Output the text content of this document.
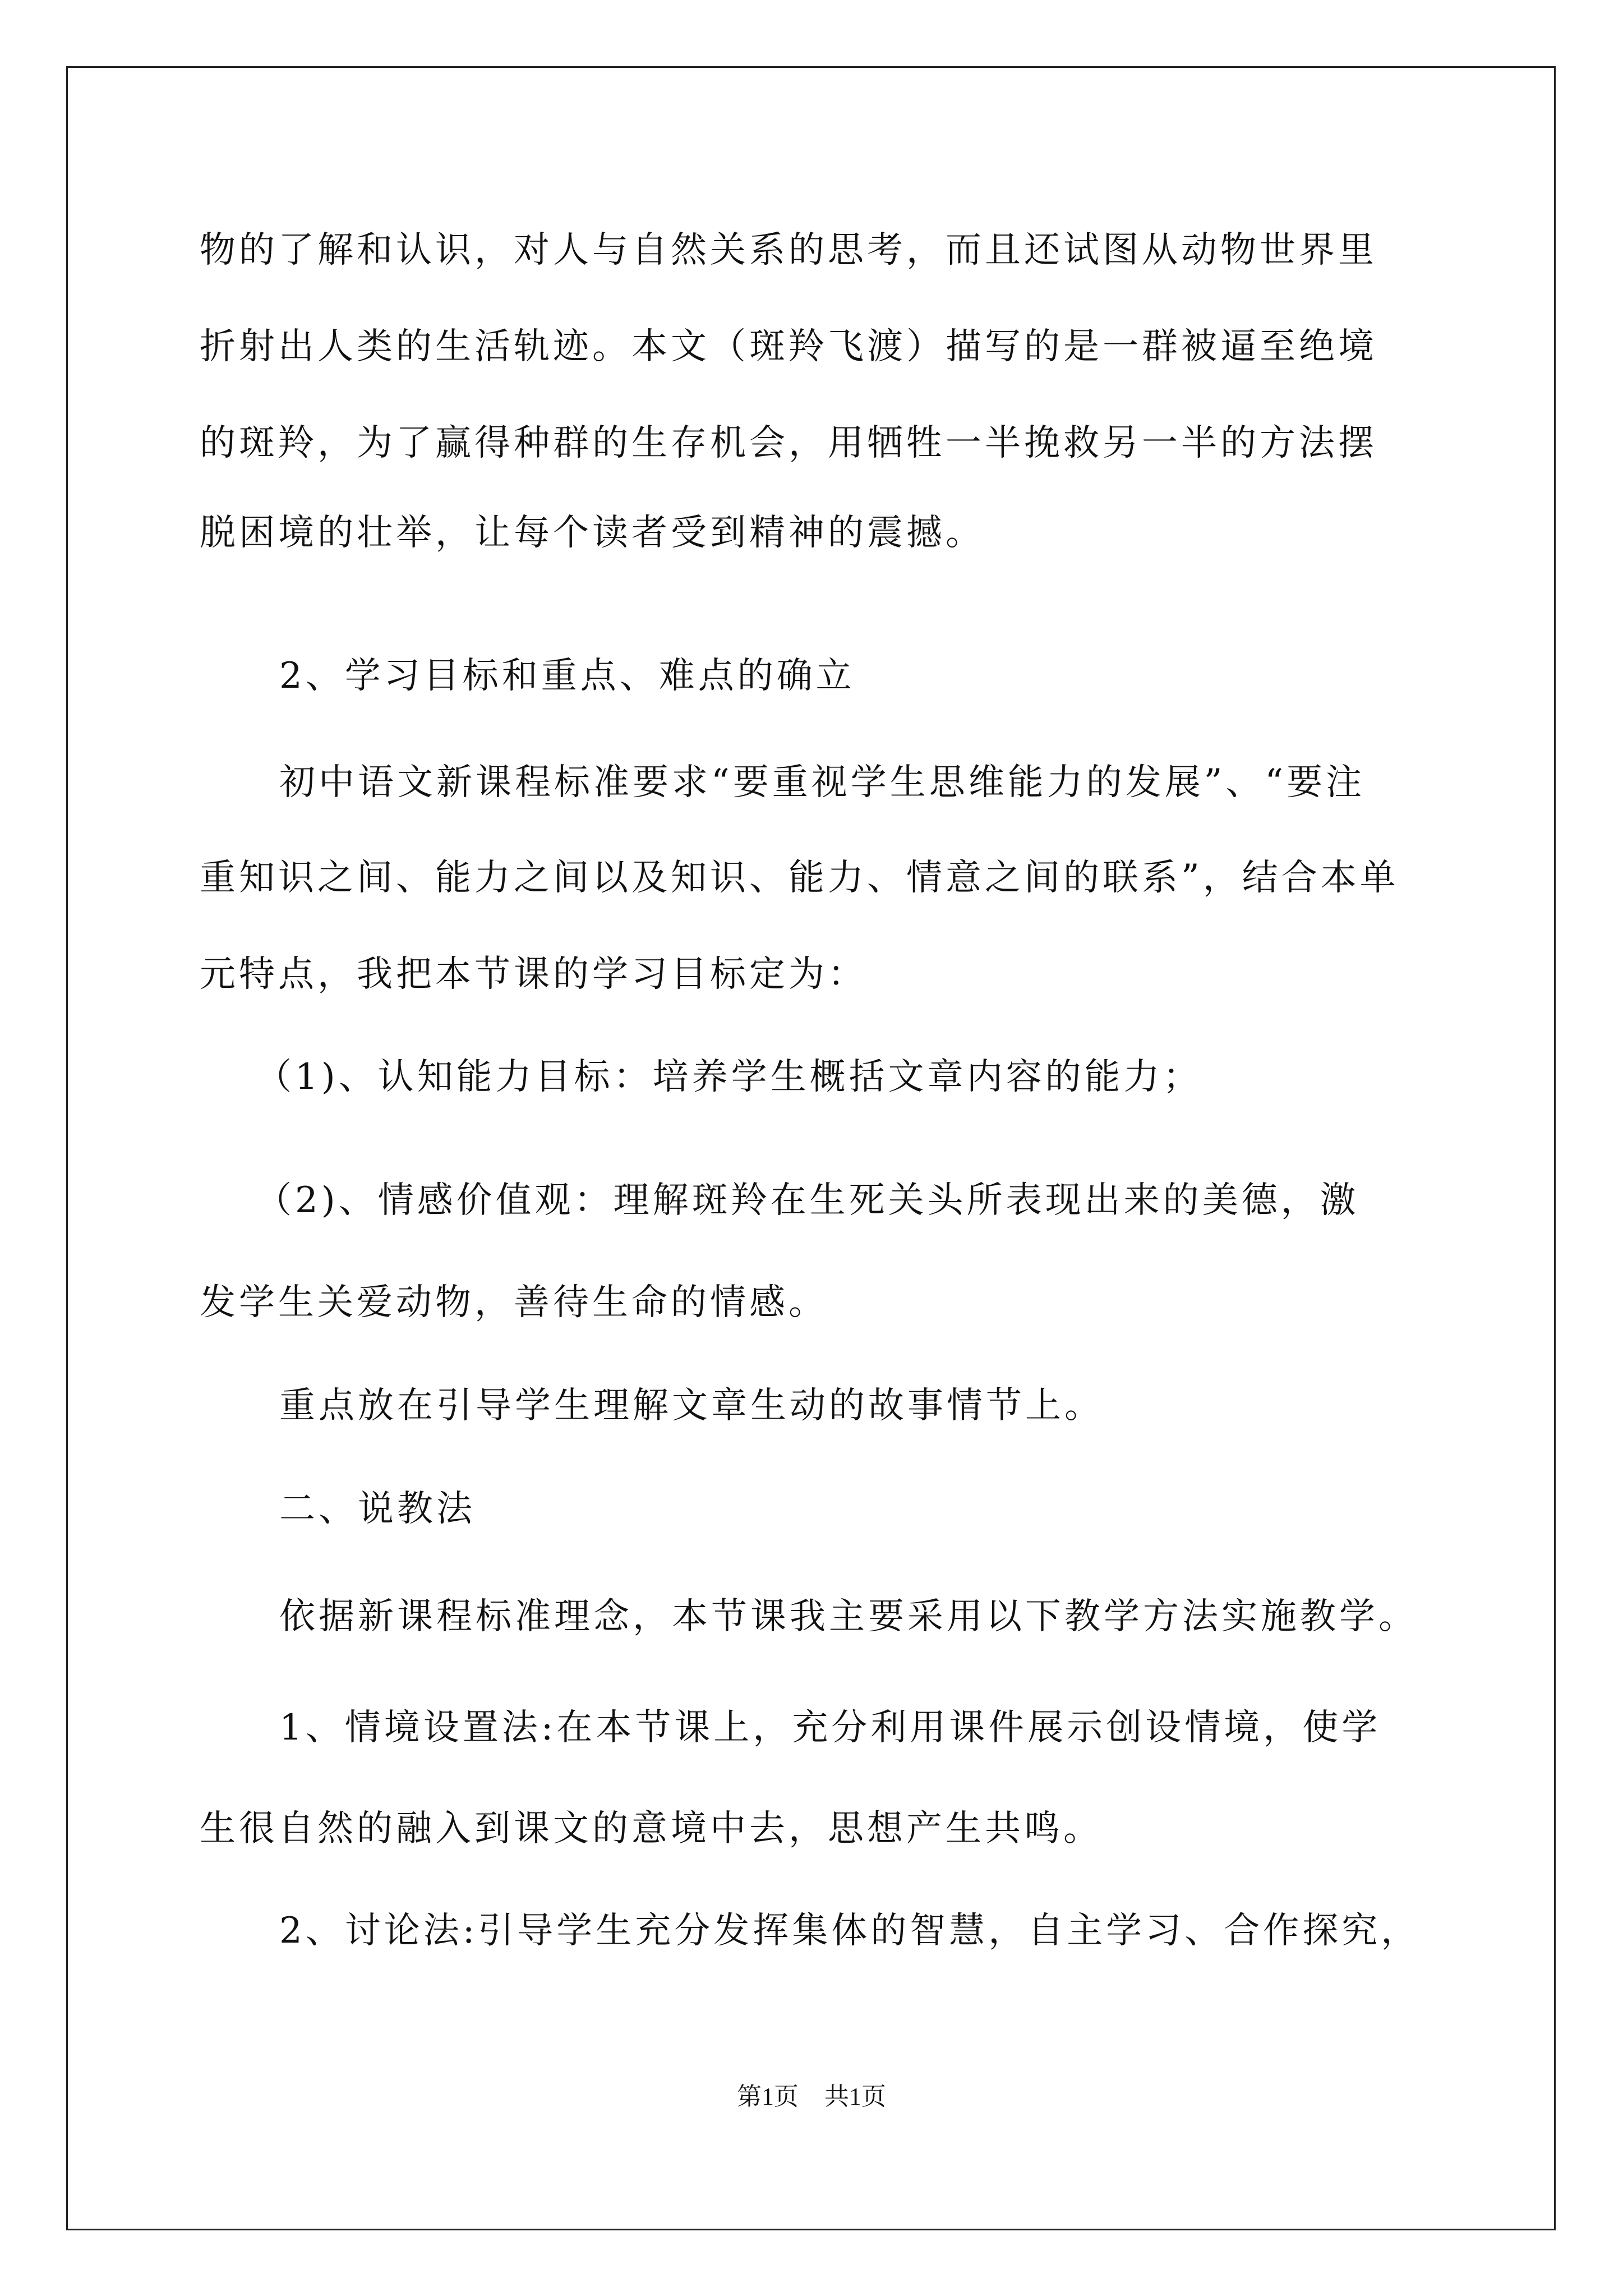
物的了解和认识，对人与自然关系的思考，而且还试图从动物世界里
折射出人类的生活轨迹。本文（斑羚飞渡）描写的是一群被逼至绝境
的斑羚，为了赢得种群的生存机会，用牺牲一半挽救另一半的方法摆
脱困境的壮举，让每个读者受到精神的震撼。
2、学习目标和重点、难点的确立
初中语文新课程标准要求“要重视学生思维能力的发展”、“要注
重知识之间、能力之间以及知识、能力、情意之间的联系”，结合本单
元特点，我把本节课的学习目标定为：
（1)、认知能力目标：培养学生概括文章内容的能力；
（2)、情感价值观：理解斑羚在生死关头所表现出来的美德，激
发学生关爱动物，善待生命的情感。
重点放在引导学生理解文章生动的故事情节上。
二、说教法
依据新课程标准理念，本节课我主要采用以下教学方法实施教学。
1、情境设置法:在本节课上，充分利用课件展示创设情境，使学
生很自然的融入到课文的意境中去，思想产生共鸣。
2、讨论法:引导学生充分发挥集体的智慧，自主学习、合作探究，
第1页 共1页
